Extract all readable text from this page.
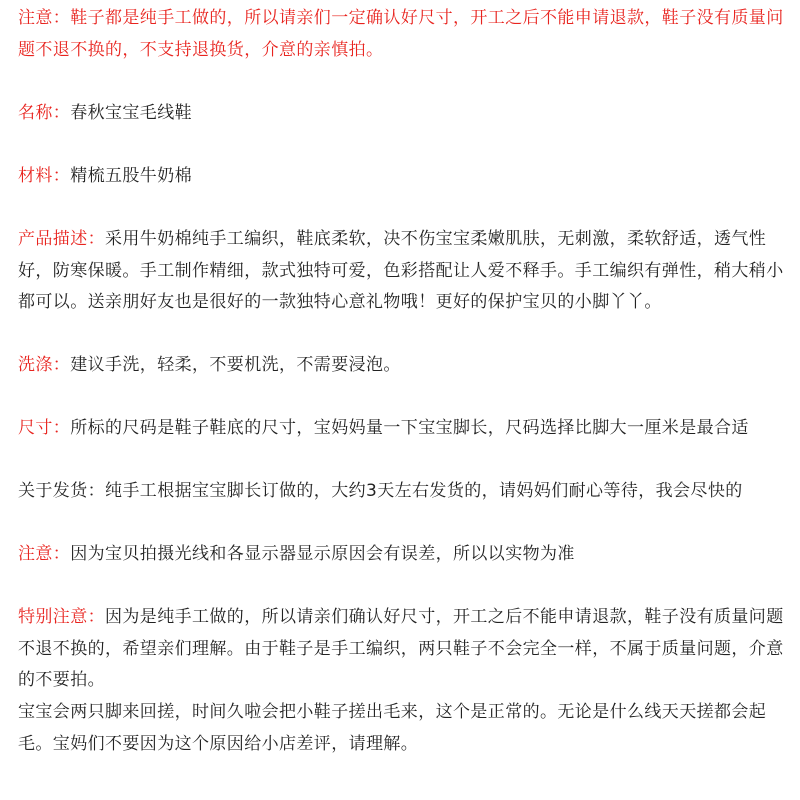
注意：鞋子都是纯手工做的，所以请亲们一定确认好尺寸，开工之后不能申请退款，鞋子没有质量问题不退不换的，不支持退换货，介意的亲慎拍。
名称：春秋宝宝毛线鞋
材料：精梳五股牛奶棉
产品描述：采用牛奶棉纯手工编织，鞋底柔软，决不伤宝宝柔嫩肌肤，无刺激，柔软舒适，透气性好，防寒保暖。手工制作精细，款式独特可爱，色彩搭配让人爱不释手。手工编织有弹性，稍大稍小都可以。送亲朋好友也是很好的一款独特心意礼物哦！更好的保护宝贝的小脚丫丫。
洗涤：建议手洗，轻柔，不要机洗，不需要浸泡。
尺寸：所标的尺码是鞋子鞋底的尺寸，宝妈妈量一下宝宝脚长，尺码选择比脚大一厘米是最合适
关于发货：纯手工根据宝宝脚长订做的，大约3天左右发货的，请妈妈们耐心等待，我会尽快的
注意：因为宝贝拍摄光线和各显示器显示原因会有误差，所以以实物为准
特别注意：因为是纯手工做的，所以请亲们确认好尺寸，开工之后不能申请退款，鞋子没有质量问题不退不换的，希望亲们理解。由于鞋子是手工编织，两只鞋子不会完全一样，不属于质量问题，介意的不要拍。
宝宝会两只脚来回搓，时间久啦会把小鞋子搓出毛来，这个是正常的。无论是什么线天天搓都会起毛。宝妈们不要因为这个原因给小店差评，请理解。
